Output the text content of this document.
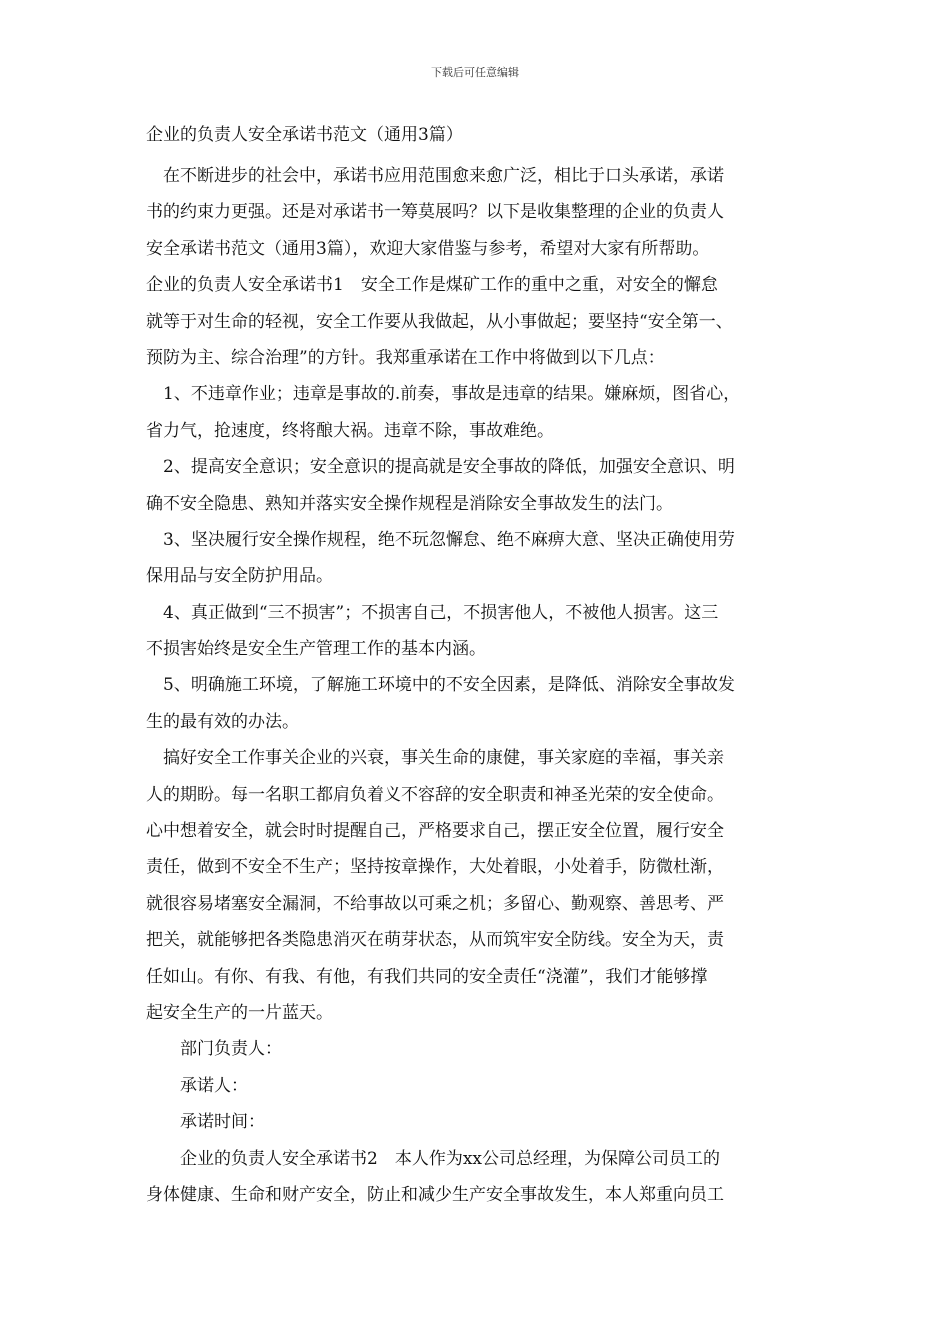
下载后可任意编辑
企业的负责人安全承诺书范文（通用3篇）
在不断进步的社会中，承诺书应用范围愈来愈广泛，相比于口头承诺，承诺
书的约束力更强。还是对承诺书一筹莫展吗？以下是收集整理的企业的负责人
安全承诺书范文（通用3篇），欢迎大家借鉴与参考，希望对大家有所帮助。
企业的负责人安全承诺书1　安全工作是煤矿工作的重中之重，对安全的懈怠
就等于对生命的轻视，安全工作要从我做起，从小事做起；要坚持“安全第一、
预防为主、综合治理”的方针。我郑重承诺在工作中将做到以下几点：
1、不违章作业；违章是事故的.前奏，事故是违章的结果。嫌麻烦，图省心，
省力气，抢速度，终将酿大祸。违章不除，事故难绝。
2、提高安全意识；安全意识的提高就是安全事故的降低，加强安全意识、明
确不安全隐患、熟知并落实安全操作规程是消除安全事故发生的法门。
3、坚决履行安全操作规程，绝不玩忽懈怠、绝不麻痹大意、坚决正确使用劳
保用品与安全防护用品。
4、真正做到“三不损害”；不损害自己，不损害他人，不被他人损害。这三
不损害始终是安全生产管理工作的基本内涵。
5、明确施工环境，了解施工环境中的不安全因素，是降低、消除安全事故发
生的最有效的办法。
搞好安全工作事关企业的兴衰，事关生命的康健，事关家庭的幸福，事关亲
人的期盼。每一名职工都肩负着义不容辞的安全职责和神圣光荣的安全使命。
心中想着安全，就会时时提醒自己，严格要求自己，摆正安全位置，履行安全
责任，做到不安全不生产；坚持按章操作，大处着眼，小处着手，防微杜渐，
就很容易堵塞安全漏洞，不给事故以可乘之机；多留心、勤观察、善思考、严
把关，就能够把各类隐患消灭在萌芽状态，从而筑牢安全防线。安全为天，责
任如山。有你、有我、有他，有我们共同的安全责任“浇灌”，我们才能够撑
起安全生产的一片蓝天。
部门负责人：
承诺人：
承诺时间：
企业的负责人安全承诺书2　本人作为xx公司总经理，为保障公司员工的
身体健康、生命和财产安全，防止和减少生产安全事故发生，本人郑重向员工
